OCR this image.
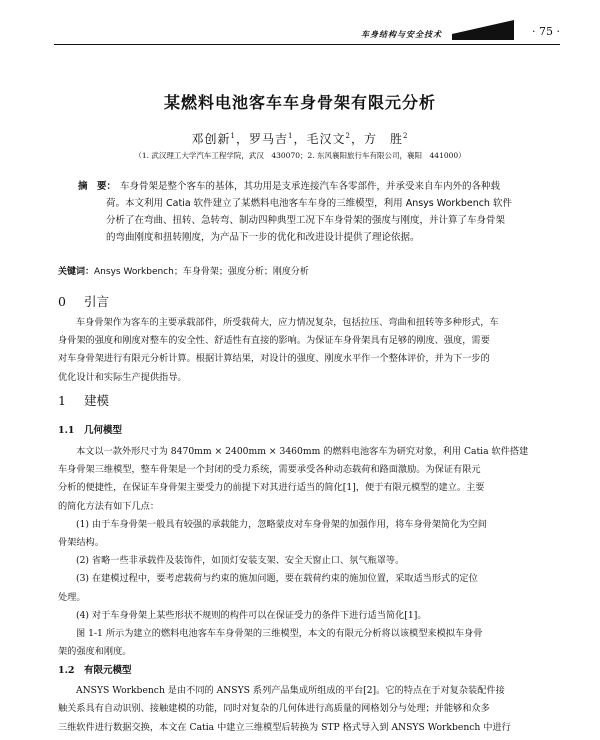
车身结构与安全技术	· 75 ·
某燃料电池客车车身骨架有限元分析
邓创新$^1$，罗马吉$^1$，毛汉文$^2$，方　胜$^2$
（1. 武汉理工大学汽车工程学院，武汉　430070；2. 东风襄阳旅行车有限公司，襄阳　441000）
摘　要： 车身骨架是整个客车的基体，其功用是支承连接汽车各零部件，并承受来自车内外的各种载
荷。本文利用 Catia 软件建立了某燃料电池客车车身的三维模型，利用 Ansys Workbench 软件
分析了在弯曲、扭转、急转弯、制动四种典型工况下车身骨架的强度与刚度，并计算了车身骨架
的弯曲刚度和扭转刚度，为产品下一步的优化和改进设计提供了理论依据。
关键词：Ansys Workbench；车身骨架；强度分析；刚度分析
0 引言

车身骨架作为客车的主要承载部件，所受载荷大，应力情况复杂，包括拉压、弯曲和扭转等多种形式，车

身骨架的强度和刚度对整车的安全性、舒适性有直接的影响。为保证车身骨架具有足够的刚度、强度，需要

对车身骨架进行有限元分析计算。根据计算结果，对设计的强度、刚度水平作一个整体评价，并为下一步的

优化设计和实际生产提供指导。

1 建模
1.1 几何模型

本文以一款外形尺寸为 8470mm × 2400mm × 3460mm 的燃料电池客车为研究对象，利用 Catia 软件搭建

车身骨架三维模型，整车骨架是一个封闭的受力系统，需要承受各种动态载荷和路面激励。为保证有限元

分析的便捷性，在保证车身骨架主要受力的前提下对其进行适当的简化[1]，便于有限元模型的建立。主要

的简化方法有如下几点：

(1) 由于车身骨架一般具有较强的承载能力，忽略蒙皮对车身骨架的加强作用，将车身骨架简化为空间

骨架结构。

(2) 省略一些非承载件及装饰件，如顶灯安装支架、安全天窗止口、氛气瓶罩等。

(3) 在建模过程中，要考虑载荷与约束的施加问题，要在载荷约束的施加位置，采取适当形式的定位

处理。

(4) 对于车身骨架上某些形状不规则的构件可以在保证受力的条件下进行适当简化[1]。

图 1-1 所示为建立的燃料电池客车车身骨架的三维模型，本文的有限元分析将以该模型来模拟车身骨

架的强度和刚度。

1.2 有限元模型

ANSYS Workbench 是由不同的 ANSYS 系列产品集成所组成的平台[2]。它的特点在于对复杂装配件接

触关系具有自动识别、接触建模的功能，同时对复杂的几何体进行高质量的网格划分与处理；并能够和众多

三维软件进行数据交换，本文在 Catia 中建立三维模型后转换为 STP 格式导入到 ANSYS Workbench 中进行
